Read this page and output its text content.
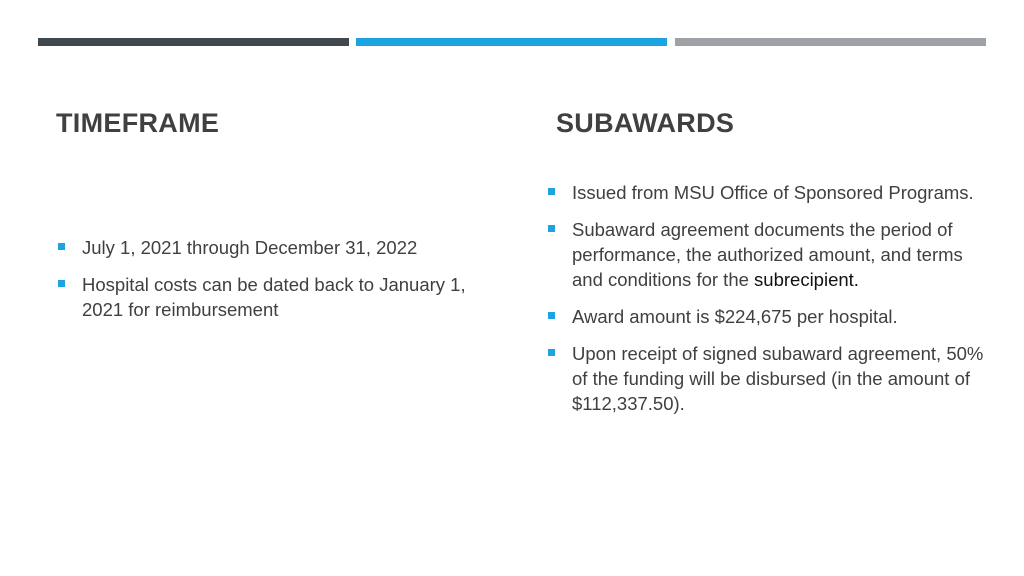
TIMEFRAME	SUBAWARDS
July 1, 2021 through December 31, 2022
Hospital costs can be dated back to January 1, 2021 for reimbursement
Issued from MSU Office of Sponsored Programs.
Subaward agreement documents the period of performance, the authorized amount, and terms and conditions for the subrecipient.
Award amount is $224,675 per hospital.
Upon receipt of signed subaward agreement, 50% of the funding will be disbursed (in the amount of $112,337.50).
